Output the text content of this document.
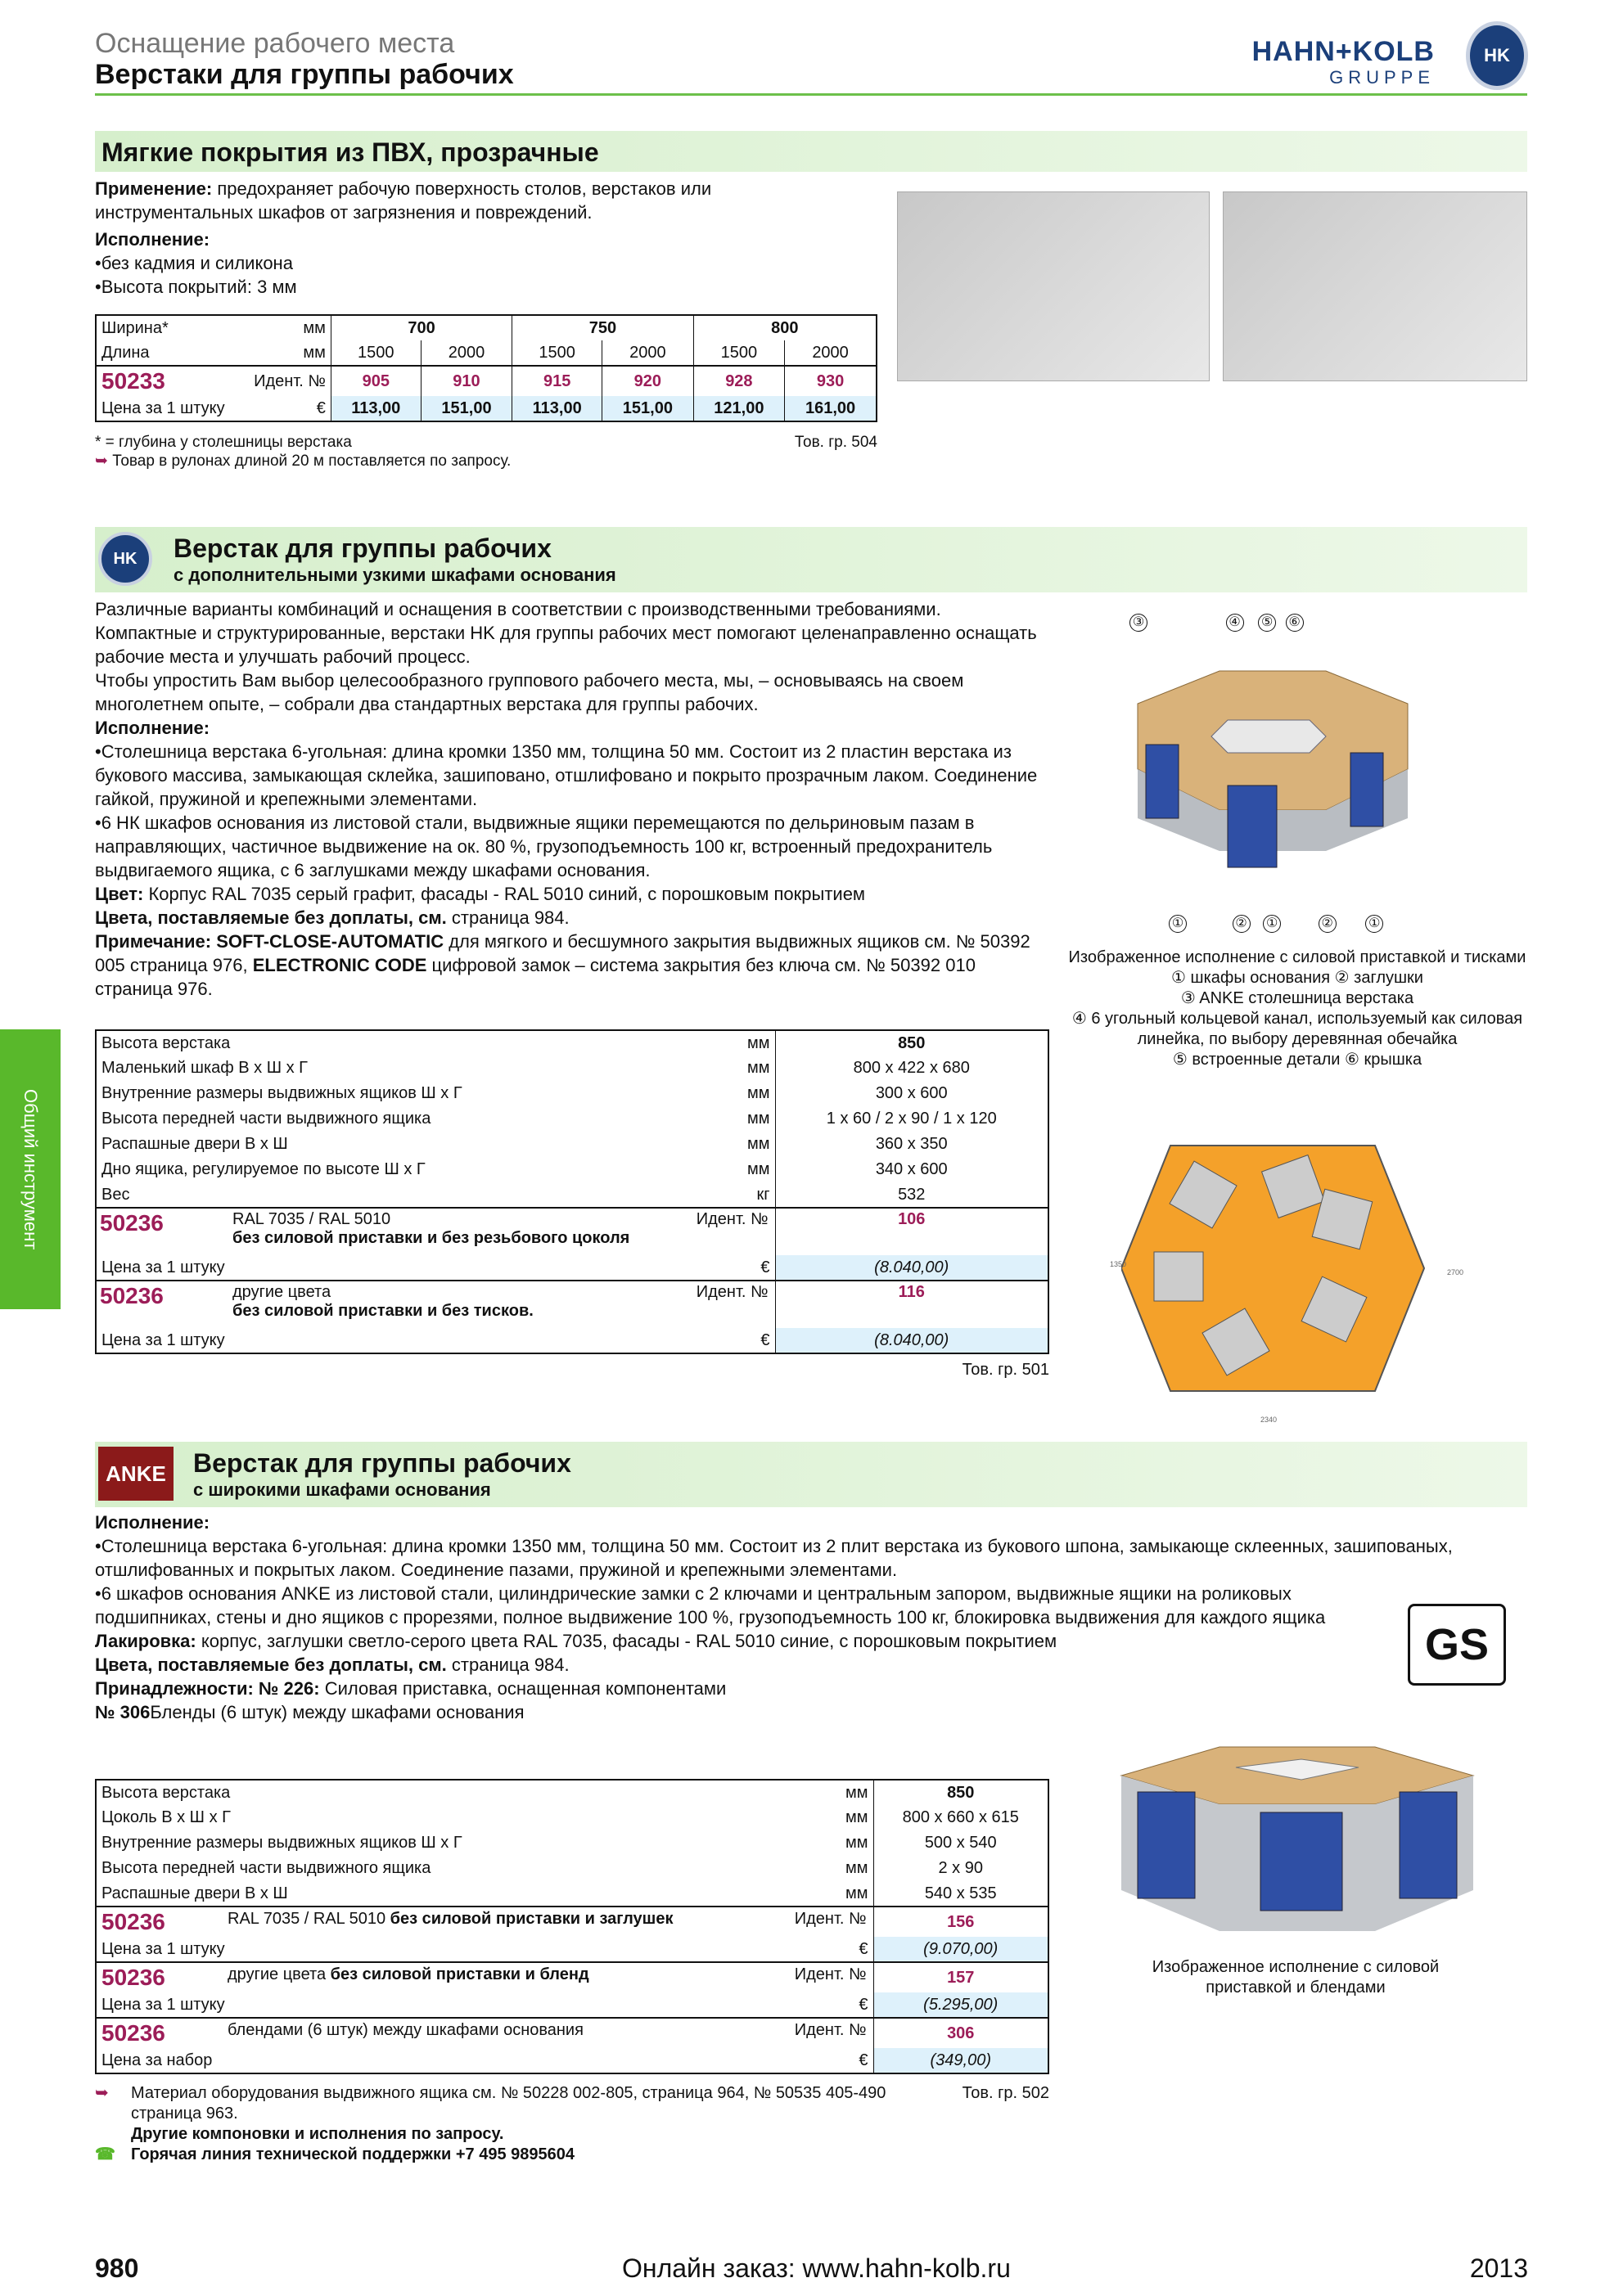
Оснащение рабочего места
Верстаки для группы рабочих
HAHN+KOLB
GRUPPE
HK
Общий инструмент
Мягкие покрытия из ПВХ, прозрачные
Применение: предохраняет рабочую поверхность столов, верстаков или инструментальных шкафов от загрязнения и повреждений.
Исполнение:
•без кадмия и силикона
•Высота покрытий: 3 мм
Ширина* мм		700		750		800	
Длина мм		1500	2000	1500	2000	1500	2000
50233	Идент. №	905	910	915	920	928	930
Цена за 1 штуку €		113,00	151,00	113,00	151,00	121,00	161,00
* = глубина у столешницы верстака	Тов. гр. 504
➥ Товар в рулонах длиной 20 м поставляется по запросу.
HK	Верстак для группы рабочих
с дополнительными узкими шкафами основания
Различные варианты комбинаций и оснащения в соответствии с производственными требованиями. Компактные и структурированные, верстаки HK для группы рабочих мест помогают целенаправленно оснащать рабочие места и улучшать рабочий процесс.
Чтобы упростить Вам выбор целесообразного группового рабочего места, мы, – основываясь на своем многолетнем опыте, – собрали два стандартных верстака для группы рабочих.
Исполнение:
•Столешница верстака 6-угольная: длина кромки 1350 мм, толщина 50 мм. Состоит из 2 пластин верстака из букового массива, замыкающая склейка, зашиповано, отшлифовано и покрыто прозрачным лаком. Соединение гайкой, пружиной и крепежными элементами.
•6 НК шкафов основания из листовой стали, выдвижные ящики перемещаются по дельриновым пазам в направляющих, частичное выдвижение на ок. 80 %, грузоподъемность 100 кг, встроенный предохранитель выдвигаемого ящика, с 6 заглушками между шкафами основания.
Цвет: Корпус RAL 7035 серый графит, фасады - RAL 5010 синий, с порошковым покрытием
Цвета, поставляемые без доплаты, см. страница 984.
Примечание: SOFT-CLOSE-AUTOMATIC для мягкого и бесшумного закрытия выдвижных ящиков см. № 50392 005 страница 976, ELECTRONIC CODE цифровой замок – система закрытия без ключа см. № 50392 010 страница 976.
③	④ ⑤ ⑥
①	② ①	②	①
Изображенное исполнение с силовой приставкой и тисками
① шкафы основания ② заглушки
③ ANKE столешница верстака
④ 6 угольный кольцевой канал, используемый как силовая линейка, по выбору деревянная обечайка
⑤ встроенные детали ⑥ крышка
2340
2700
1350
Высота верстака мм	850
Маленький шкаф В x Ш x Г мм	800 x 422 x 680
Внутренние размеры выдвижных ящиков Ш x Г мм	300 x 600
Высота передней части выдвижного ящика мм	1 x 60 / 2 x 90 / 1 x 120
Распашные двери В x Ш мм	360 x 350
Дно ящика, регулируемое по высоте Ш x Г мм	340 x 600
Вес кг	532

50236 RAL 7035 / RAL 5010
без силовой приставки и без резьбового цоколя
Идент. №	106
Цена за 1 штуку €	(8.040,00)

50236 другие цвета
без силовой приставки и без тисков.
Идент. №	116
Цена за 1 штуку €	(8.040,00)
Тов. гр. 501
ANKE Верстак для группы рабочих
с широкими шкафами основания
Исполнение:
•Столешница верстака 6-угольная: длина кромки 1350 мм, толщина 50 мм. Состоит из 2 плит верстака из букового шпона, замыкающе склеенных, зашипованых, отшлифованных и покрытых лаком. Соединение пазами, пружиной и крепежными элементами.
•6 шкафов основания ANKE из листовой стали, цилиндрические замки с 2 ключами и центральным запором, выдвижные ящики на роликовых подшипниках, стены и дно ящиков с прорезями, полное выдвижение 100 %, грузоподъемность 100 кг, блокировка выдвижения для каждого ящика
Лакировка: корпус, заглушки светло-серого цвета RAL 7035, фасады - RAL 5010 синие, с порошковым покрытием
Цвета, поставляемые без доплаты, см. страница 984.
Принадлежности: № 226: Силовая приставка, оснащенная компонентами
№ 306Бленды (6 штук) между шкафами основания
GS
Изображенное исполнение с силовой приставкой и блендами
Высота верстака мм	850
Цоколь В x Ш x Г мм	800 x 660 x 615
Внутренние размеры выдвижных ящиков Ш x Г мм	500 x 540
Высота передней части выдвижного ящика мм	2 x 90
Распашные двери В x Ш мм	540 x 535
50236 RAL 7035 / RAL 5010 без силовой приставки и заглушек Идент. №	156
Цена за 1 штуку €	(9.070,00)
50236 другие цвета без силовой приставки и бленд Идент. №	157
Цена за 1 штуку €	(5.295,00)
50236 блендами (6 штук) между шкафами основания Идент. №	306
Цена за набор €	(349,00)
➥	Материал оборудования выдвижного ящика см. № 50228 002-805, страница 964, № 50535 405-490 страница 963.
Тов. гр. 502
Другие компоновки и исполнения по запросу.
☎ Горячая линия технической поддержки +7 495 9895604
980	Онлайн заказ: www.hahn-kolb.ru	2013
